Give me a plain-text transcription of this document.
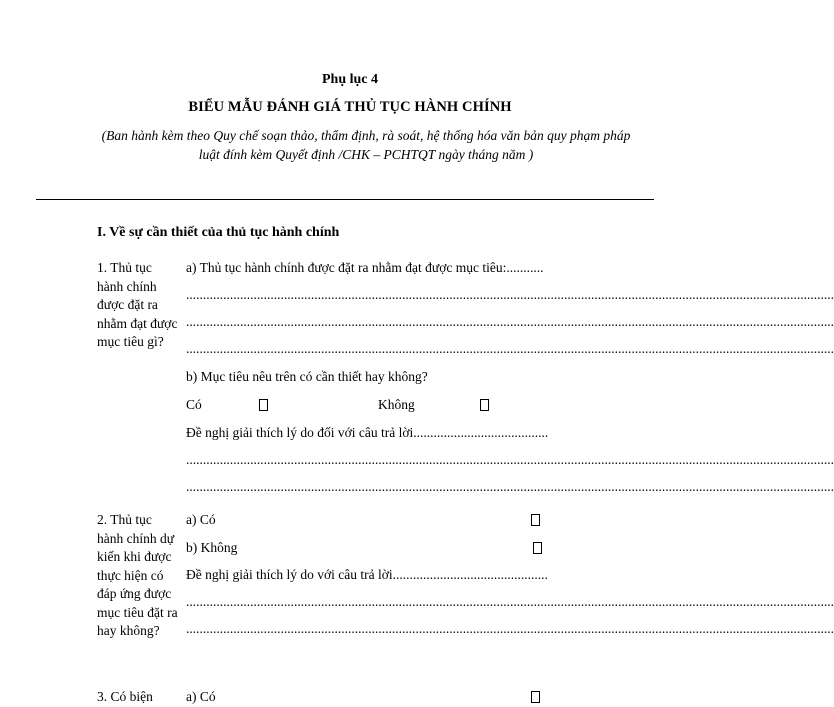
Phụ lục 4
BIỂU MẪU ĐÁNH GIÁ THỦ TỤC HÀNH CHÍNH
(Ban hành kèm theo Quy chế soạn thảo, thẩm định, rà soát, hệ thống hóa văn bản quy phạm pháp luật đính kèm Quyết định /CHK – PCHTQT ngày tháng năm )
I. Về sự cần thiết của thủ tục hành chính
1. Thủ tục hành chính được đặt ra nhằm đạt được mục tiêu gì?
a) Thủ tục hành chính được đặt ra nhằm đạt được mục tiêu:...........
................................................................................................................................................................................................
................................................................................................................................................................................................
................................................................................................................................................................................................
b) Mục tiêu nêu trên có cần thiết hay không?
Có	Không
Đề nghị giải thích lý do đối với câu trả lời........................................
................................................................................................................................................................................................
................................................................................................................................................................................................
2. Thủ tục hành chính dự kiến khi được thực hiện có đáp ứng được mục tiêu đặt ra hay không?
a) Có
b) Không
Đề nghị giải thích lý do với câu trả lời..............................................
................................................................................................................................................................................................
................................................................................................................................................................................................
3. Có biện	a) Có
